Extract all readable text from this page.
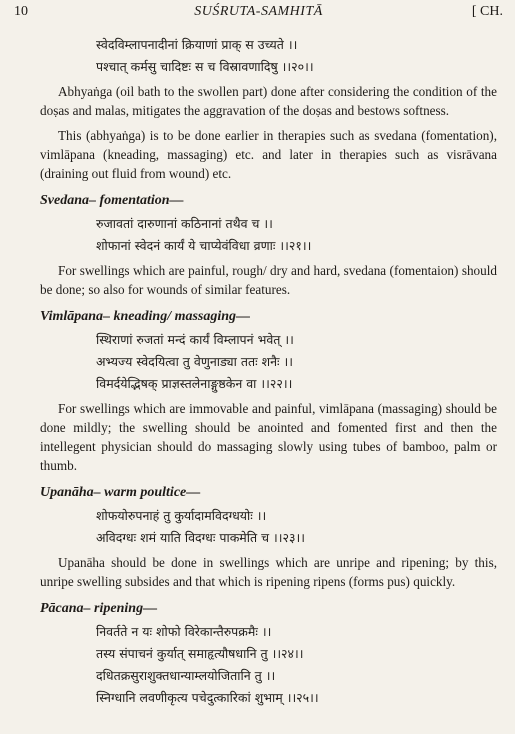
10	SUŚRUTA-SAMHITĀ	[ CH.
स्वेदविम्लापनादीनां क्रियाणां प्राक् स उच्यते ।।
पश्चात् कर्मसु चादिष्टः स च विस्रावणादिषु ।।२०।।

Abhyaṅga (oil bath to the swollen part) done after considering the condition of the doṣas and malas, mitigates the aggravation of the doṣas and bestows softness.

This (abhyaṅga) is to be done earlier in therapies such as svedana (fomentation), vimlāpana (kneading, massaging) etc. and later in therapies such as visrāvana (draining out fluid from wound) etc.

Svedana– fomentation—
रुजावतां दारुणानां कठिनानां तथैव च ।।
शोफानां स्वेदनं कार्यं ये चाप्येवंविधा व्रणाः ।।२१।।

For swellings which are painful, rough/ dry and hard, svedana (fomentaion) should be done; so also for wounds of similar features.

Vimlāpana– kneading/ massaging—
स्थिराणां रुजतां मन्दं कार्यं विम्लापनं भवेत् ।।
अभ्यज्य स्वेदयित्वा तु वेणुनाड्या ततः शनैः ।।
विमर्दयेद्भिषक् प्राज्ञस्तलेनाङ्गुष्ठकेन वा ।।२२।।

For swellings which are immovable and painful, vimlāpana (massaging) should be done mildly; the swelling should be anointed and fomented first and then the intellegent physician should do massaging slowly using tubes of bamboo, palm or thumb.

Upanāha– warm poultice—
शोफयोरुपनाहं तु कुर्यादामविदग्धयोः ।।
अविदग्धः शमं याति विदग्धः पाकमेति च ।।२३।।

Upanāha should be done in swellings which are unripe and ripening; by this, unripe swelling subsides and that which is ripening ripens (forms pus) quickly.

Pācana– ripening—
निवर्तते न यः शोफो विरेकान्तैरुपक्रमैः ।।
तस्य संपाचनं कुर्यात् समाहृत्यौषधानि तु ।।२४।।
दधितक्रसुराशुक्तधान्याम्लयोजितानि तु ।।
स्निग्धानि लवणीकृत्य पचेदुत्कारिकां शुभाम् ।।२५।।
